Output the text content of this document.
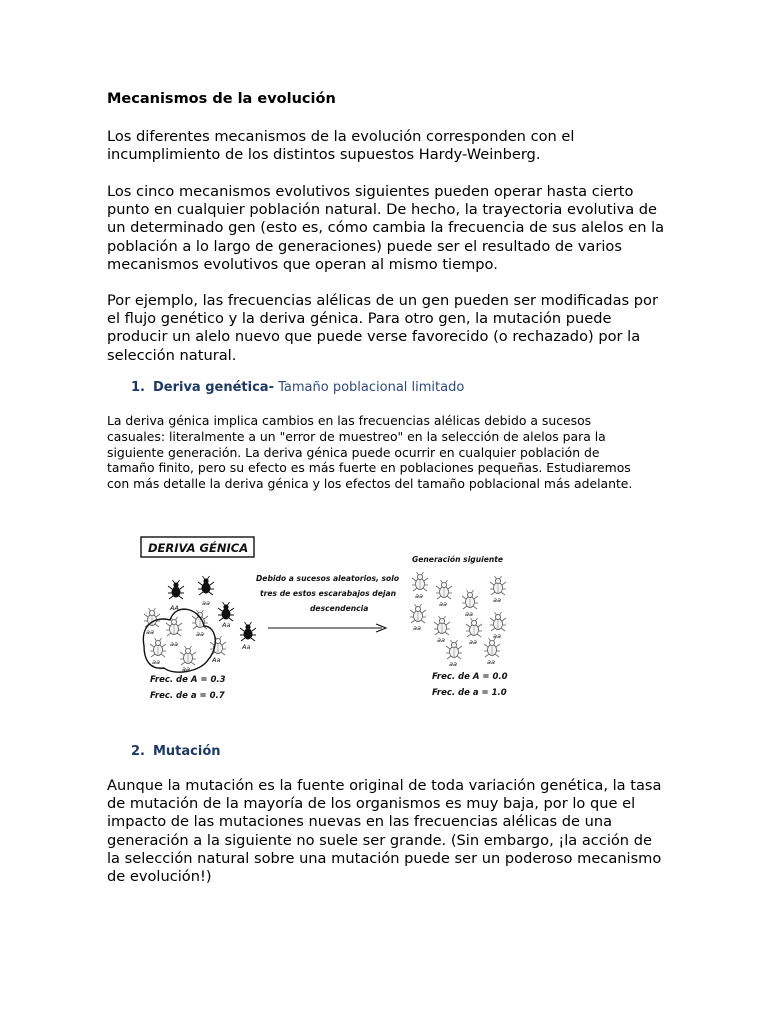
Mecanismos de la evolución

Los diferentes mecanismos de la evolución corresponden con el incumplimiento de los distintos supuestos Hardy-Weinberg.

Los cinco mecanismos evolutivos siguientes pueden operar hasta cierto punto en cualquier población natural. De hecho, la trayectoria evolutiva de un determinado gen (esto es, cómo cambia la frecuencia de sus alelos en la población a lo largo de generaciones) puede ser el resultado de varios mecanismos evolutivos que operan al mismo tiempo.

Por ejemplo, las frecuencias alélicas de un gen pueden ser modificadas por el flujo genético y la deriva génica. Para otro gen, la mutación puede producir un alelo nuevo que puede verse favorecido (o rechazado) por la selección natural.

1. Deriva genética- Tamaño poblacional limitado

La deriva génica implica cambios en las frecuencias alélicas debido a sucesos casuales: literalmente a un "error de muestreo" en la selección de alelos para la siguiente generación. La deriva génica puede ocurrir en cualquier población de tamaño finito, pero su efecto es más fuerte en poblaciones pequeñas. Estudiaremos con más detalle la deriva génica y los efectos del tamaño poblacional más adelante.

DERIVA GÉNICA
AA
aa
aa
aa
aa
Aa
Aa
aa
aa
Aa
Frec. de A = 0.3
Frec. de a = 0.7
Debido a sucesos aleatorios, solo
tres de estos escarabajos dejan
descendencia
Generación siguiente
aa
aa
aa
aa
aa
aa	aa
aa
aa	aa
Frec. de A = 0.0
Frec. de a = 1.0
2. Mutación

Aunque la mutación es la fuente original de toda variación genética, la tasa de mutación de la mayoría de los organismos es muy baja, por lo que el impacto de las mutaciones nuevas en las frecuencias alélicas de una generación a la siguiente no suele ser grande. (Sin embargo, ¡la acción de la selección natural sobre una mutación puede ser un poderoso mecanismo de evolución!)
